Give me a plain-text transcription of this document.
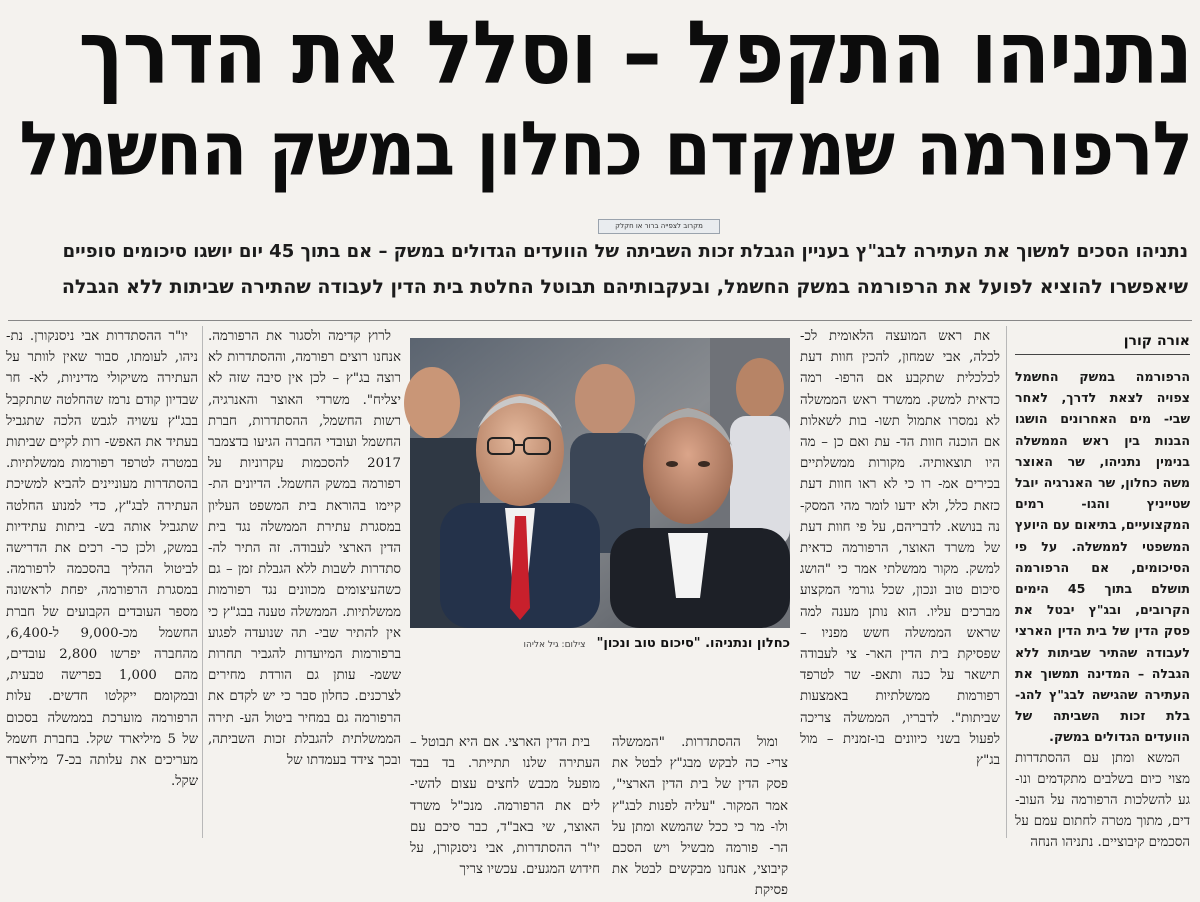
נתניהו התקפל – וסלל את הדרך
לרפורמה שמקדם כחלון במשק החשמל
מקרוב לצפייה ברור או חקלק
נתניהו הסכים למשוך את העתירה לבג"ץ בעניין הגבלת זכות השביתה של הוועדים הגדולים במשק – אם בתוך 45 יום יושגו סיכומים סופיים
שיאפשרו להוציא לפועל את הרפורמה במשק החשמל, ובעקבותיהם תבוטל החלטת בית הדין לעבודה שהתירה שביתות ללא הגבלה
אורה קורן

הרפורמה במשק החשמל צפויה לצאת לדרך, לאחר שבי- מים האחרונים הושגו הבנות בין ראש הממשלה בנימין נתניהו, שר האוצר משה כחלון, שר האנרגיה יובל שטייניץ והגו- רמים המקצועיים, בתיאום עם היועץ המשפטי לממשלה. על פי הסיכומים, אם הרפורמה תושלם בתוך 45 הימים הקרובים, ובג"ץ יבטל את פסק הדין של בית הדין הארצי לעבודה שהתיר שביתות ללא הגבלה – המדינה תמשוך את העתירה שהגישה לבג"ץ להג- בלת זכות השביתה של הוועדים הגדולים במשק.

המשא ומתן עם ההסתדרות מצוי כיום בשלבים מתקדמים ונו- גע להשלכות הרפורמה על העוב- דים, מתוך מטרה לחתום עמם על הסכמים קיבוציים. נתניהו הנחה

את ראש המועצה הלאומית לכ- לכלה, אבי שמחון, להכין חוות דעת לכלכלית שתקבע אם הרפו- רמה כדאית למשק. ממשרד ראש הממשלה לא נמסרו אתמול תשו- בות לשאלות אם הוכנה חוות הד- עת ואם כן – מה היו תוצאותיה. מקורות ממשלתיים בכירים אמ- רו כי לא ראו חוות דעת כזאת כלל, ולא ידעו לומר מהי המסק- נה בנושא. לדבריהם, על פי חוות דעת של משרד האוצר, הרפורמה כדאית למשק. מקור ממשלתי אמר כי "הושג סיכום טוב ונכון, שכל גורמי המקצוע מברכים עליו. הוא נותן מענה למה שראש הממשלה חשש מפניו – שפסיקת בית הדין האר- צי לעבודה תישאר על כנה ותאפ- שר לטרפד רפורמות ממשלתיות באמצעות שביתות". לדבריו, הממשלה צריכה לפעול בשני כיוונים בו-זמנית – מול בג"ץ

כחלון ונתניהו. "סיכום טוב ונכון" צילום: גיל אליהו

ומול ההסתדרות. "הממשלה צרי- כה לבקש מבג"ץ לבטל את פסק הדין של בית הדין הארצי", אמר המקור. "עליה לפנות לבג"ץ ולו- מר כי ככל שהמשא ומתן על הר- פורמה מבשיל ויש הסכם קיבוצי, אנחנו מבקשים לבטל את פסיקת

בית הדין הארצי. אם היא תבוטל – העתירה שלנו תתייתר. בד בבד מופעל מכבש לחצים עצום להשי- לים את הרפורמה. מנכ"ל משרד האוצר, שי באב"ד, כבר סיכם עם יו"ר ההסתדרות, אבי ניסנקורן, על חידוש המגעים. עכשיו צריך

לרוץ קדימה ולסגור את הרפורמה. אנחנו רוצים רפורמה, וההסתדרות לא רוצה בג"ץ – לכן אין סיבה שזה לא יצליח". משרדי האוצר והאנרגיה, רשות החשמל, ההסתדרות, חברת החשמל ועובדי החברה הגיעו בדצמבר 2017 להסכמות עקרוניות על רפורמה במשק החשמל. הדיונים הת- קיימו בהוראת בית המשפט העליון במסגרת עתירת הממשלה נגד בית הדין הארצי לעבודה. זה התיר לה- סתדרות לשבות ללא הגבלת זמן – גם כשהעיצומים מכוונים נגד רפורמות ממשלתיות. הממשלה טענה בבג"ץ כי אין להתיר שבי- תה שנועדה לפגוע ברפורמות המיועדות להגביר תחרות ששמ- עותן גם הורדת מחירים לצרכנים. כחלון סבר כי יש לקדם את הרפורמה גם במחיר ביטול הע- תירה הממשלתית להגבלת זכות השביתה, ובכך צידד בעמדתו של

יו"ר ההסתדרות אבי ניסנקורן. נת- ניהו, לעומתו, סבור שאין לוותר על העתירה משיקולי מדיניות, לא- חר שבדיון קודם נרמז שהחלטה שתתקבל בבג"ץ עשויה לגבש הלכה שתגביל בעתיד את האפש- רות לקיים שביתות במטרה לטרפד רפורמות ממשלתיות. בהסתדרות מעוניינים להביא למשיכת העתירה לבג"ץ, כדי למנוע החלטה שתגביל אותה בש- ביתות עתידיות במשק, ולכן כר- רכים את הדרישה לביטול ההליך בהסכמה לרפורמה. במסגרת הרפורמה, יפחת לראשונה מספר העובדים הקבועים של חברת החשמל מכ-9,000 ל-6,400, מהחברה יפרשו 2,800 עובדים, מהם 1,000 בפרישה טבעית, ובמקומם ייקלטו חדשים. עלות הרפורמה מוערכת בממשלה בסכום של 5 מיליארד שקל. בחברת חשמל מעריכים את עלותה בכ-7 מיליארד שקל.
